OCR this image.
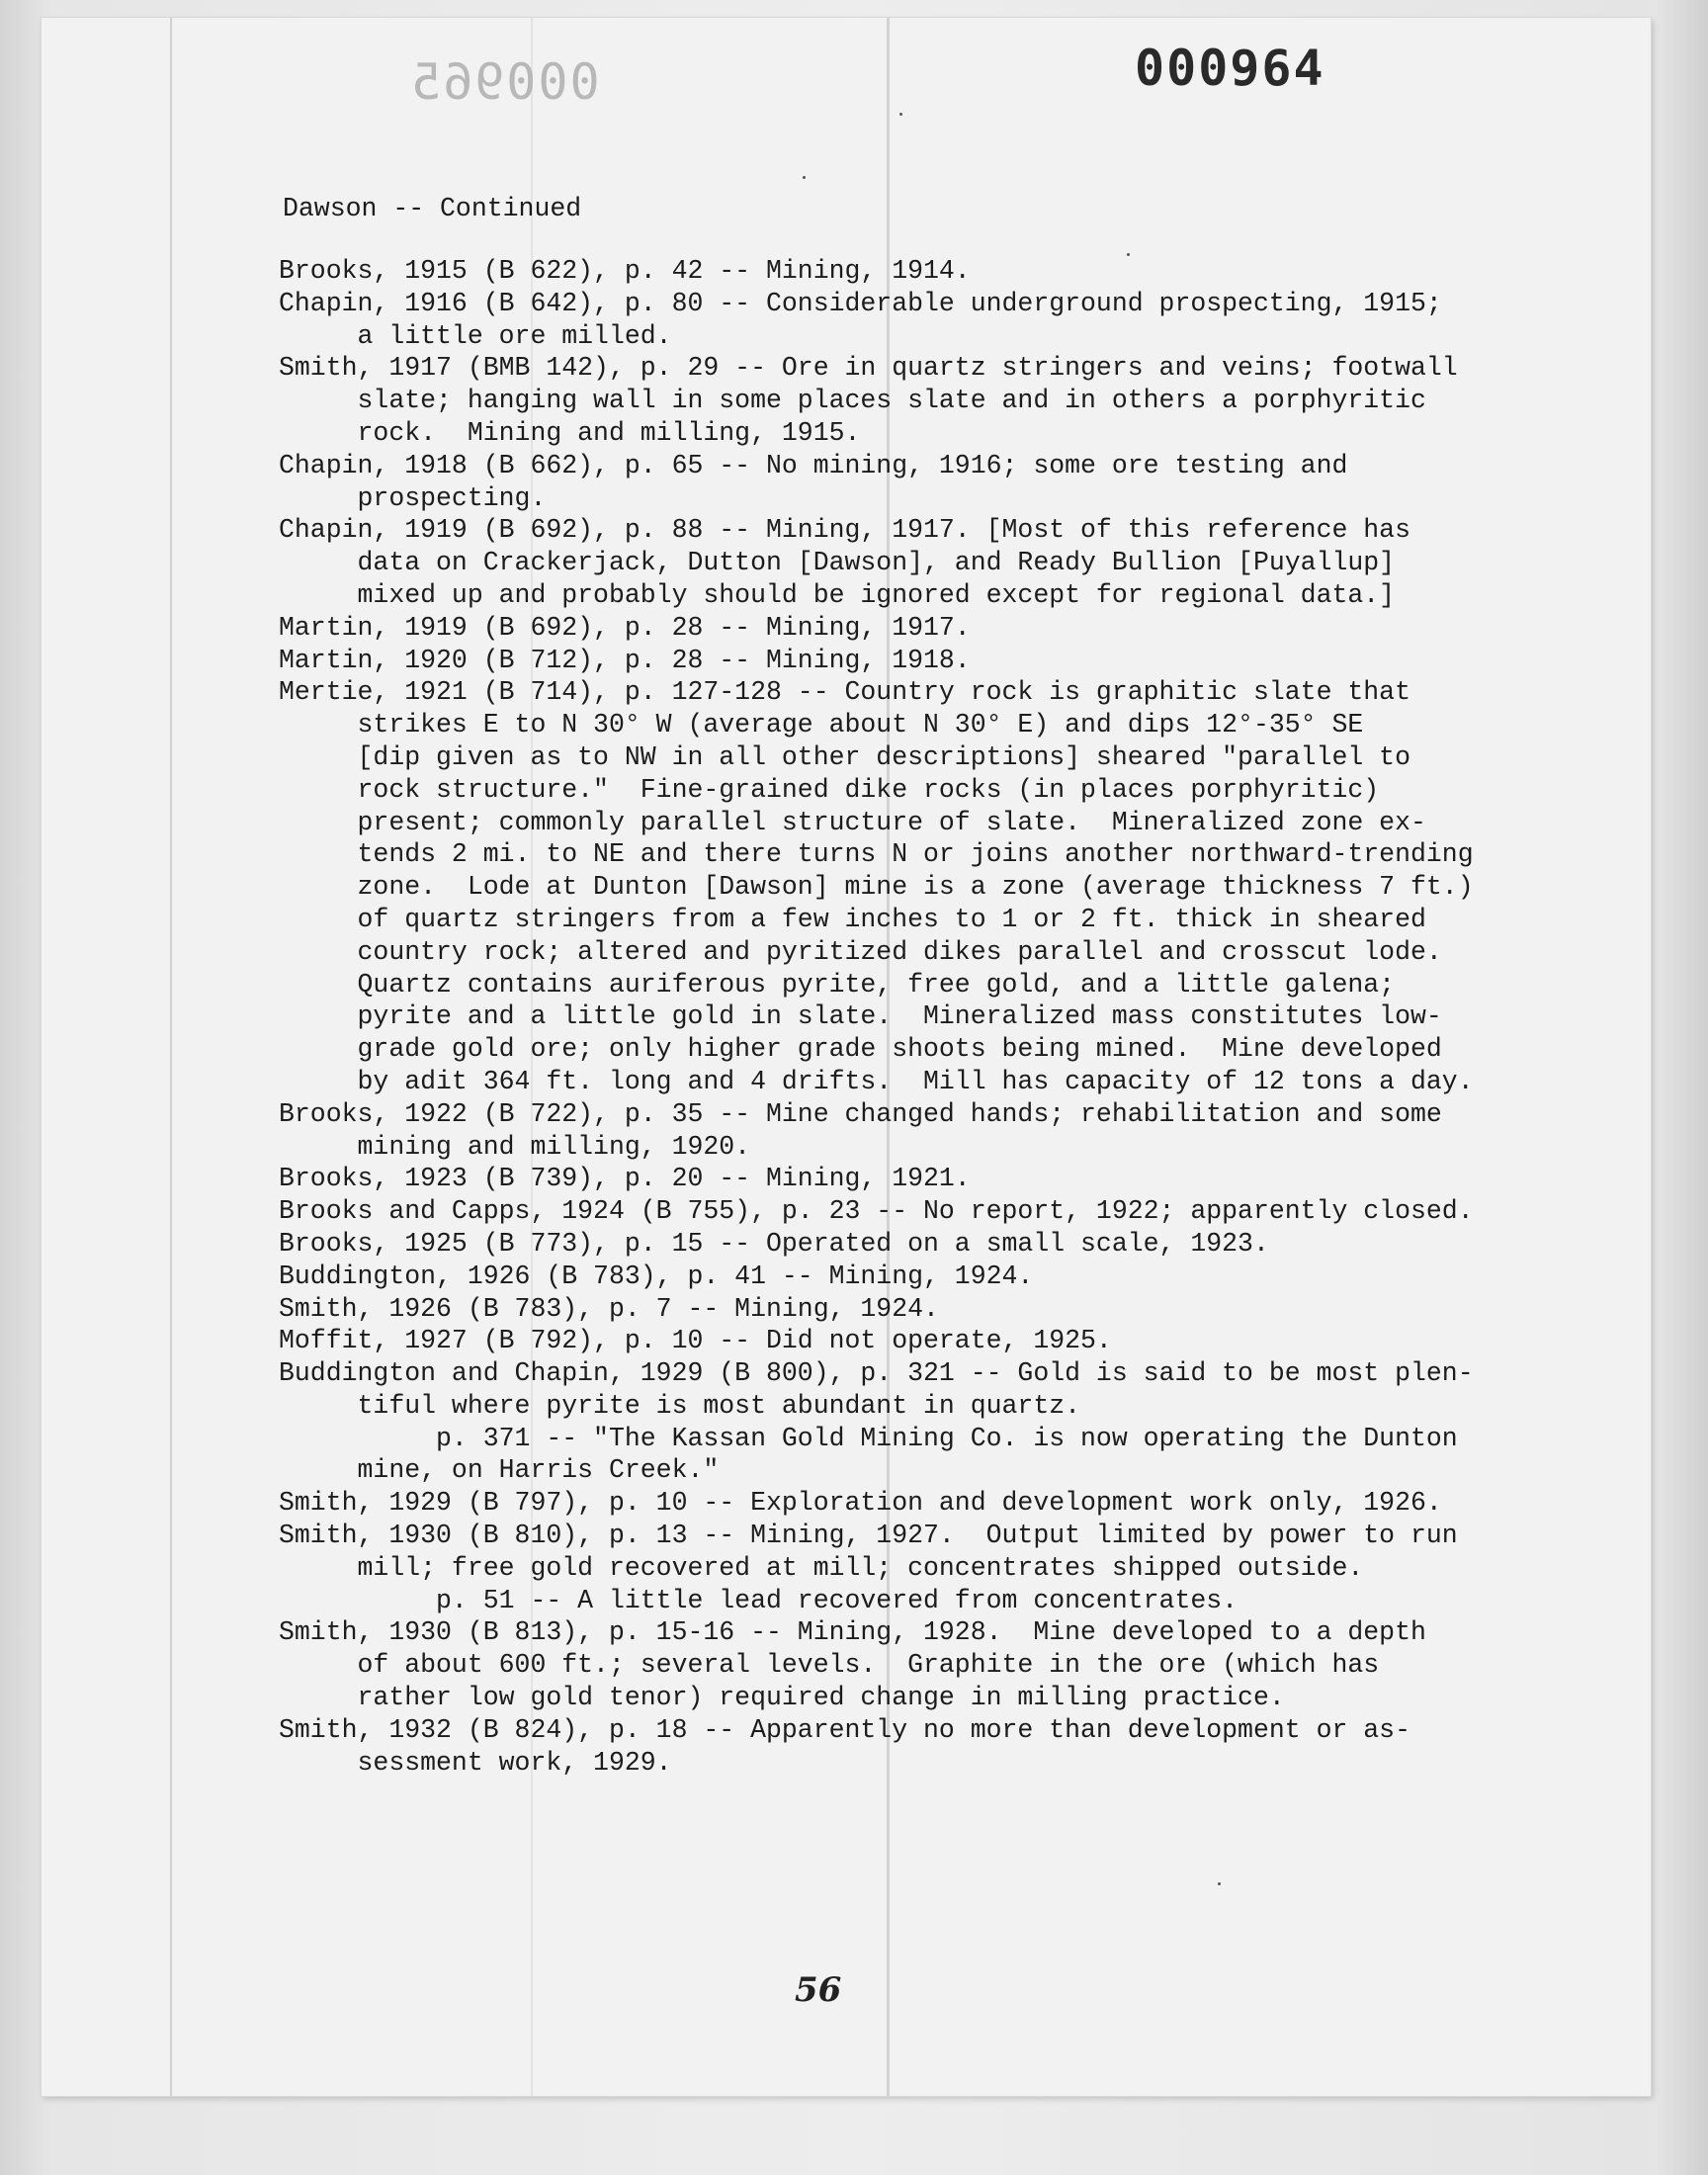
000965	000964
Dawson -- Continued
Brooks, 1915 (B 622), p. 42 -- Mining, 1914.
Chapin, 1916 (B 642), p. 80 -- Considerable underground prospecting, 1915;
a little ore milled.
Smith, 1917 (BMB 142), p. 29 -- Ore in quartz stringers and veins; footwall
slate; hanging wall in some places slate and in others a porphyritic
rock.  Mining and milling, 1915.
Chapin, 1918 (B 662), p. 65 -- No mining, 1916; some ore testing and
prospecting.
Chapin, 1919 (B 692), p. 88 -- Mining, 1917. [Most of this reference has
data on Crackerjack, Dutton [Dawson], and Ready Bullion [Puyallup]
mixed up and probably should be ignored except for regional data.]
Martin, 1919 (B 692), p. 28 -- Mining, 1917.
Martin, 1920 (B 712), p. 28 -- Mining, 1918.
Mertie, 1921 (B 714), p. 127-128 -- Country rock is graphitic slate that
strikes E to N 30° W (average about N 30° E) and dips 12°-35° SE
[dip given as to NW in all other descriptions] sheared "parallel to
rock structure."  Fine-grained dike rocks (in places porphyritic)
present; commonly parallel structure of slate.  Mineralized zone ex-
tends 2 mi. to NE and there turns N or joins another northward-trending
zone.  Lode at Dunton [Dawson] mine is a zone (average thickness 7 ft.)
of quartz stringers from a few inches to 1 or 2 ft. thick in sheared
country rock; altered and pyritized dikes parallel and crosscut lode.
Quartz contains auriferous pyrite, free gold, and a little galena;
pyrite and a little gold in slate.  Mineralized mass constitutes low-
grade gold ore; only higher grade shoots being mined.  Mine developed
by adit 364 ft. long and 4 drifts.  Mill has capacity of 12 tons a day.
Brooks, 1922 (B 722), p. 35 -- Mine changed hands; rehabilitation and some
mining and milling, 1920.
Brooks, 1923 (B 739), p. 20 -- Mining, 1921.
Brooks and Capps, 1924 (B 755), p. 23 -- No report, 1922; apparently closed.
Brooks, 1925 (B 773), p. 15 -- Operated on a small scale, 1923.
Buddington, 1926 (B 783), p. 41 -- Mining, 1924.
Smith, 1926 (B 783), p. 7 -- Mining, 1924.
Moffit, 1927 (B 792), p. 10 -- Did not operate, 1925.
Buddington and Chapin, 1929 (B 800), p. 321 -- Gold is said to be most plen-
tiful where pyrite is most abundant in quartz.
p. 371 -- "The Kassan Gold Mining Co. is now operating the Dunton
mine, on Harris Creek."
Smith, 1929 (B 797), p. 10 -- Exploration and development work only, 1926.
Smith, 1930 (B 810), p. 13 -- Mining, 1927.  Output limited by power to run
mill; free gold recovered at mill; concentrates shipped outside.
p. 51 -- A little lead recovered from concentrates.
Smith, 1930 (B 813), p. 15-16 -- Mining, 1928.  Mine developed to a depth
of about 600 ft.; several levels.  Graphite in the ore (which has
rather low gold tenor) required change in milling practice.
Smith, 1932 (B 824), p. 18 -- Apparently no more than development or as-
sessment work, 1929.
56
